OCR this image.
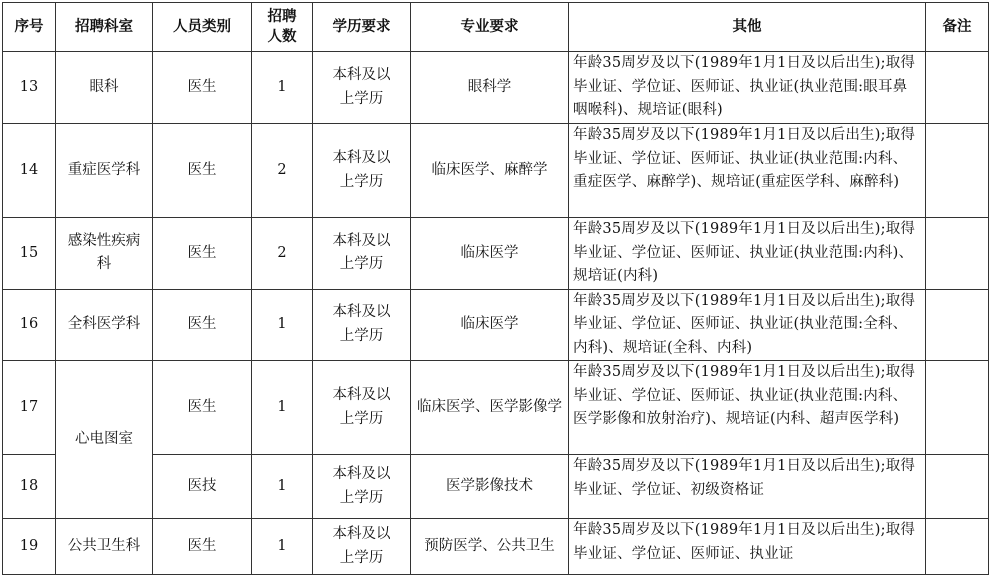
序号	招聘科室	人员类别	招聘人数	学历要求	专业要求	其他	备注
13	眼科	医生	1	本科及以上学历	眼科学	年龄35周岁及以下(1989年1月1日及以后出生);取得毕业证、学位证、医师证、执业证(执业范围:眼耳鼻咽喉科)、规培证(眼科)	
14	重症医学科	医生	2	本科及以上学历	临床医学、麻醉学	年龄35周岁及以下(1989年1月1日及以后出生);取得毕业证、学位证、医师证、执业证(执业范围:内科、重症医学、麻醉学)、规培证(重症医学科、麻醉科)	
15	感染性疾病科	医生	2	本科及以上学历	临床医学	年龄35周岁及以下(1989年1月1日及以后出生);取得毕业证、学位证、医师证、执业证(执业范围:内科)、规培证(内科)	
16	全科医学科	医生	1	本科及以上学历	临床医学	年龄35周岁及以下(1989年1月1日及以后出生);取得毕业证、学位证、医师证、执业证(执业范围:全科、内科)、规培证(全科、内科)	
17	心电图室	医生	1	本科及以上学历	临床医学、医学影像学	年龄35周岁及以下(1989年1月1日及以后出生);取得毕业证、学位证、医师证、执业证(执业范围:内科、医学影像和放射治疗)、规培证(内科、超声医学科)	
18		医技	1	本科及以上学历	医学影像技术	年龄35周岁及以下(1989年1月1日及以后出生);取得毕业证、学位证、初级资格证	
19	公共卫生科	医生	1	本科及以上学历	预防医学、公共卫生	年龄35周岁及以下(1989年1月1日及以后出生);取得毕业证、学位证、医师证、执业证	
